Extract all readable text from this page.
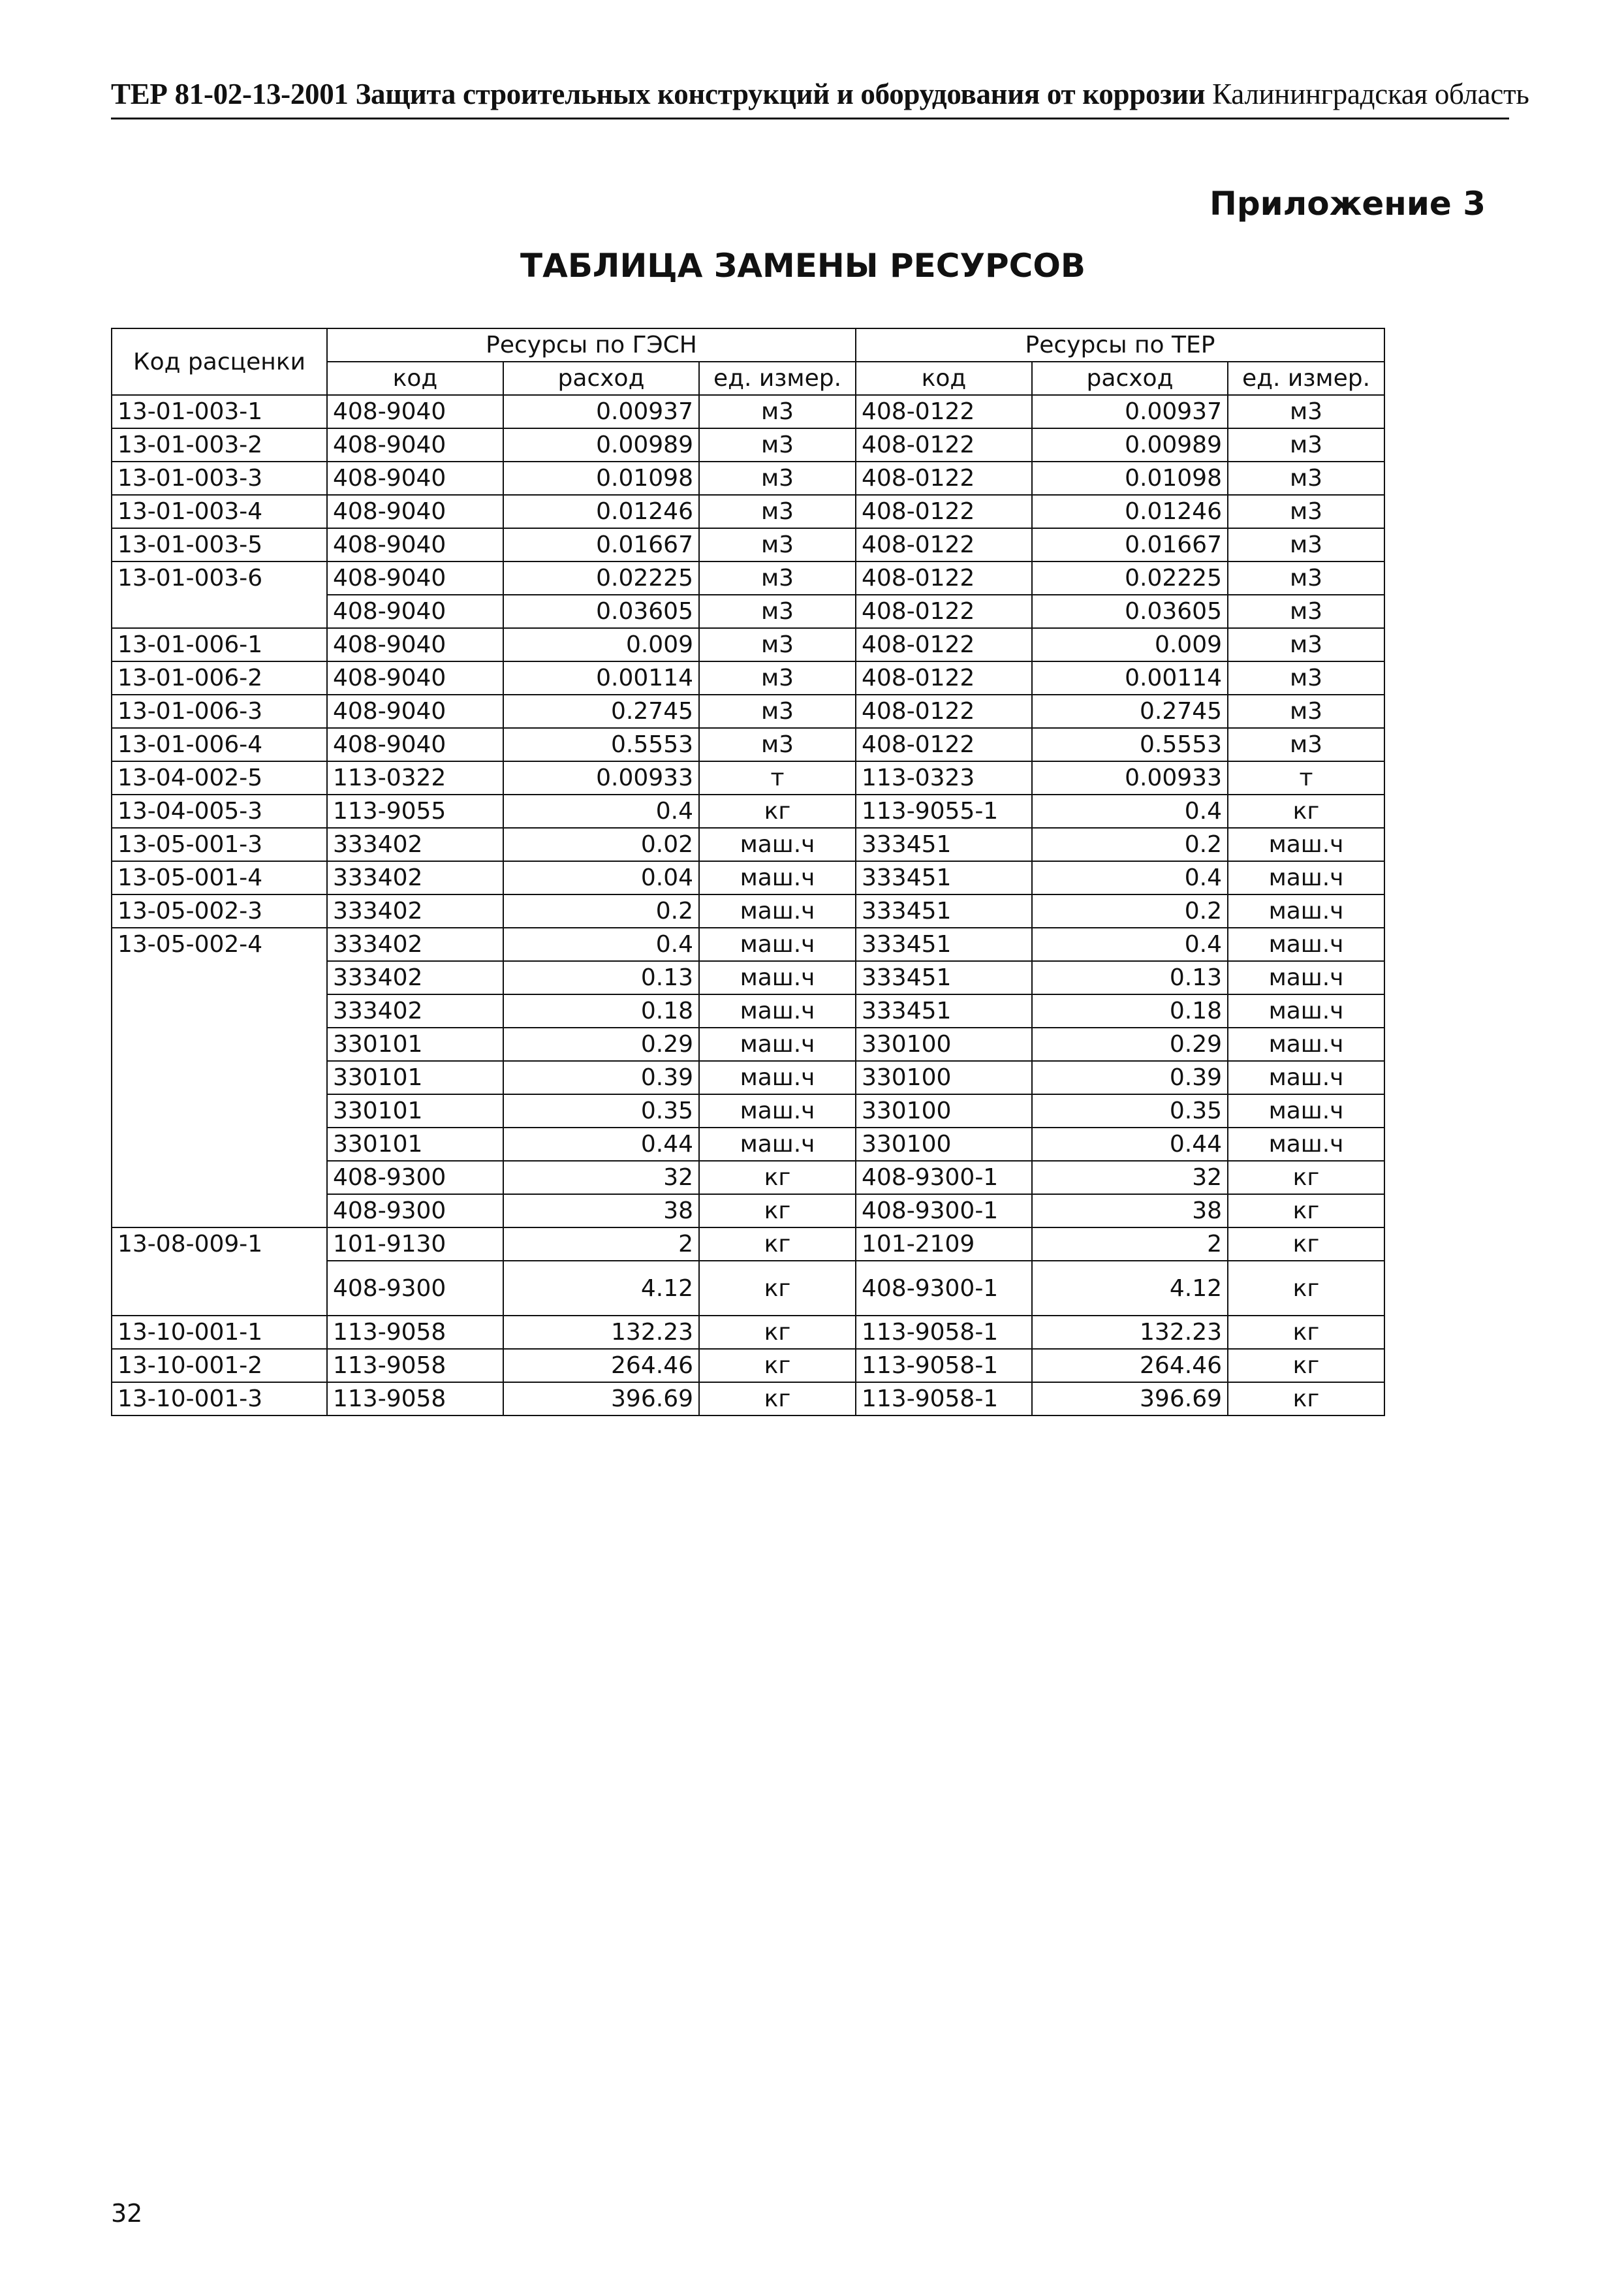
ТЕР 81-02-13-2001 Защита строительных конструкций и оборудования от коррозии Калининградская область
Приложение 3
ТАБЛИЦА ЗАМЕНЫ РЕСУРСОВ
Код расценки	Ресурсы по ГЭСН			Ресурсы по ТЕР		
	код	расход	ед. измер.	код	расход	ед. измер.
13-01-003-1	408-9040	0.00937	м3	408-0122	0.00937	м3
13-01-003-2	408-9040	0.00989	м3	408-0122	0.00989	м3
13-01-003-3	408-9040	0.01098	м3	408-0122	0.01098	м3
13-01-003-4	408-9040	0.01246	м3	408-0122	0.01246	м3
13-01-003-5	408-9040	0.01667	м3	408-0122	0.01667	м3
13-01-003-6	408-9040	0.02225	м3	408-0122	0.02225	м3
	408-9040	0.03605	м3	408-0122	0.03605	м3
13-01-006-1	408-9040	0.009	м3	408-0122	0.009	м3
13-01-006-2	408-9040	0.00114	м3	408-0122	0.00114	м3
13-01-006-3	408-9040	0.2745	м3	408-0122	0.2745	м3
13-01-006-4	408-9040	0.5553	м3	408-0122	0.5553	м3
13-04-002-5	113-0322	0.00933	т	113-0323	0.00933	т
13-04-005-3	113-9055	0.4	кг	113-9055-1	0.4	кг
13-05-001-3	333402	0.02	маш.ч	333451	0.2	маш.ч
13-05-001-4	333402	0.04	маш.ч	333451	0.4	маш.ч
13-05-002-3	333402	0.2	маш.ч	333451	0.2	маш.ч
13-05-002-4	333402	0.4	маш.ч	333451	0.4	маш.ч
	333402	0.13	маш.ч	333451	0.13	маш.ч
	333402	0.18	маш.ч	333451	0.18	маш.ч
	330101	0.29	маш.ч	330100	0.29	маш.ч
	330101	0.39	маш.ч	330100	0.39	маш.ч
	330101	0.35	маш.ч	330100	0.35	маш.ч
	330101	0.44	маш.ч	330100	0.44	маш.ч
	408-9300	32	кг	408-9300-1	32	кг
	408-9300	38	кг	408-9300-1	38	кг
13-08-009-1	101-9130	2	кг	101-2109	2	кг
	408-9300	4.12	кг	408-9300-1	4.12	кг
13-10-001-1	113-9058	132.23	кг	113-9058-1	132.23	кг
13-10-001-2	113-9058	264.46	кг	113-9058-1	264.46	кг
13-10-001-3	113-9058	396.69	кг	113-9058-1	396.69	кг
32
